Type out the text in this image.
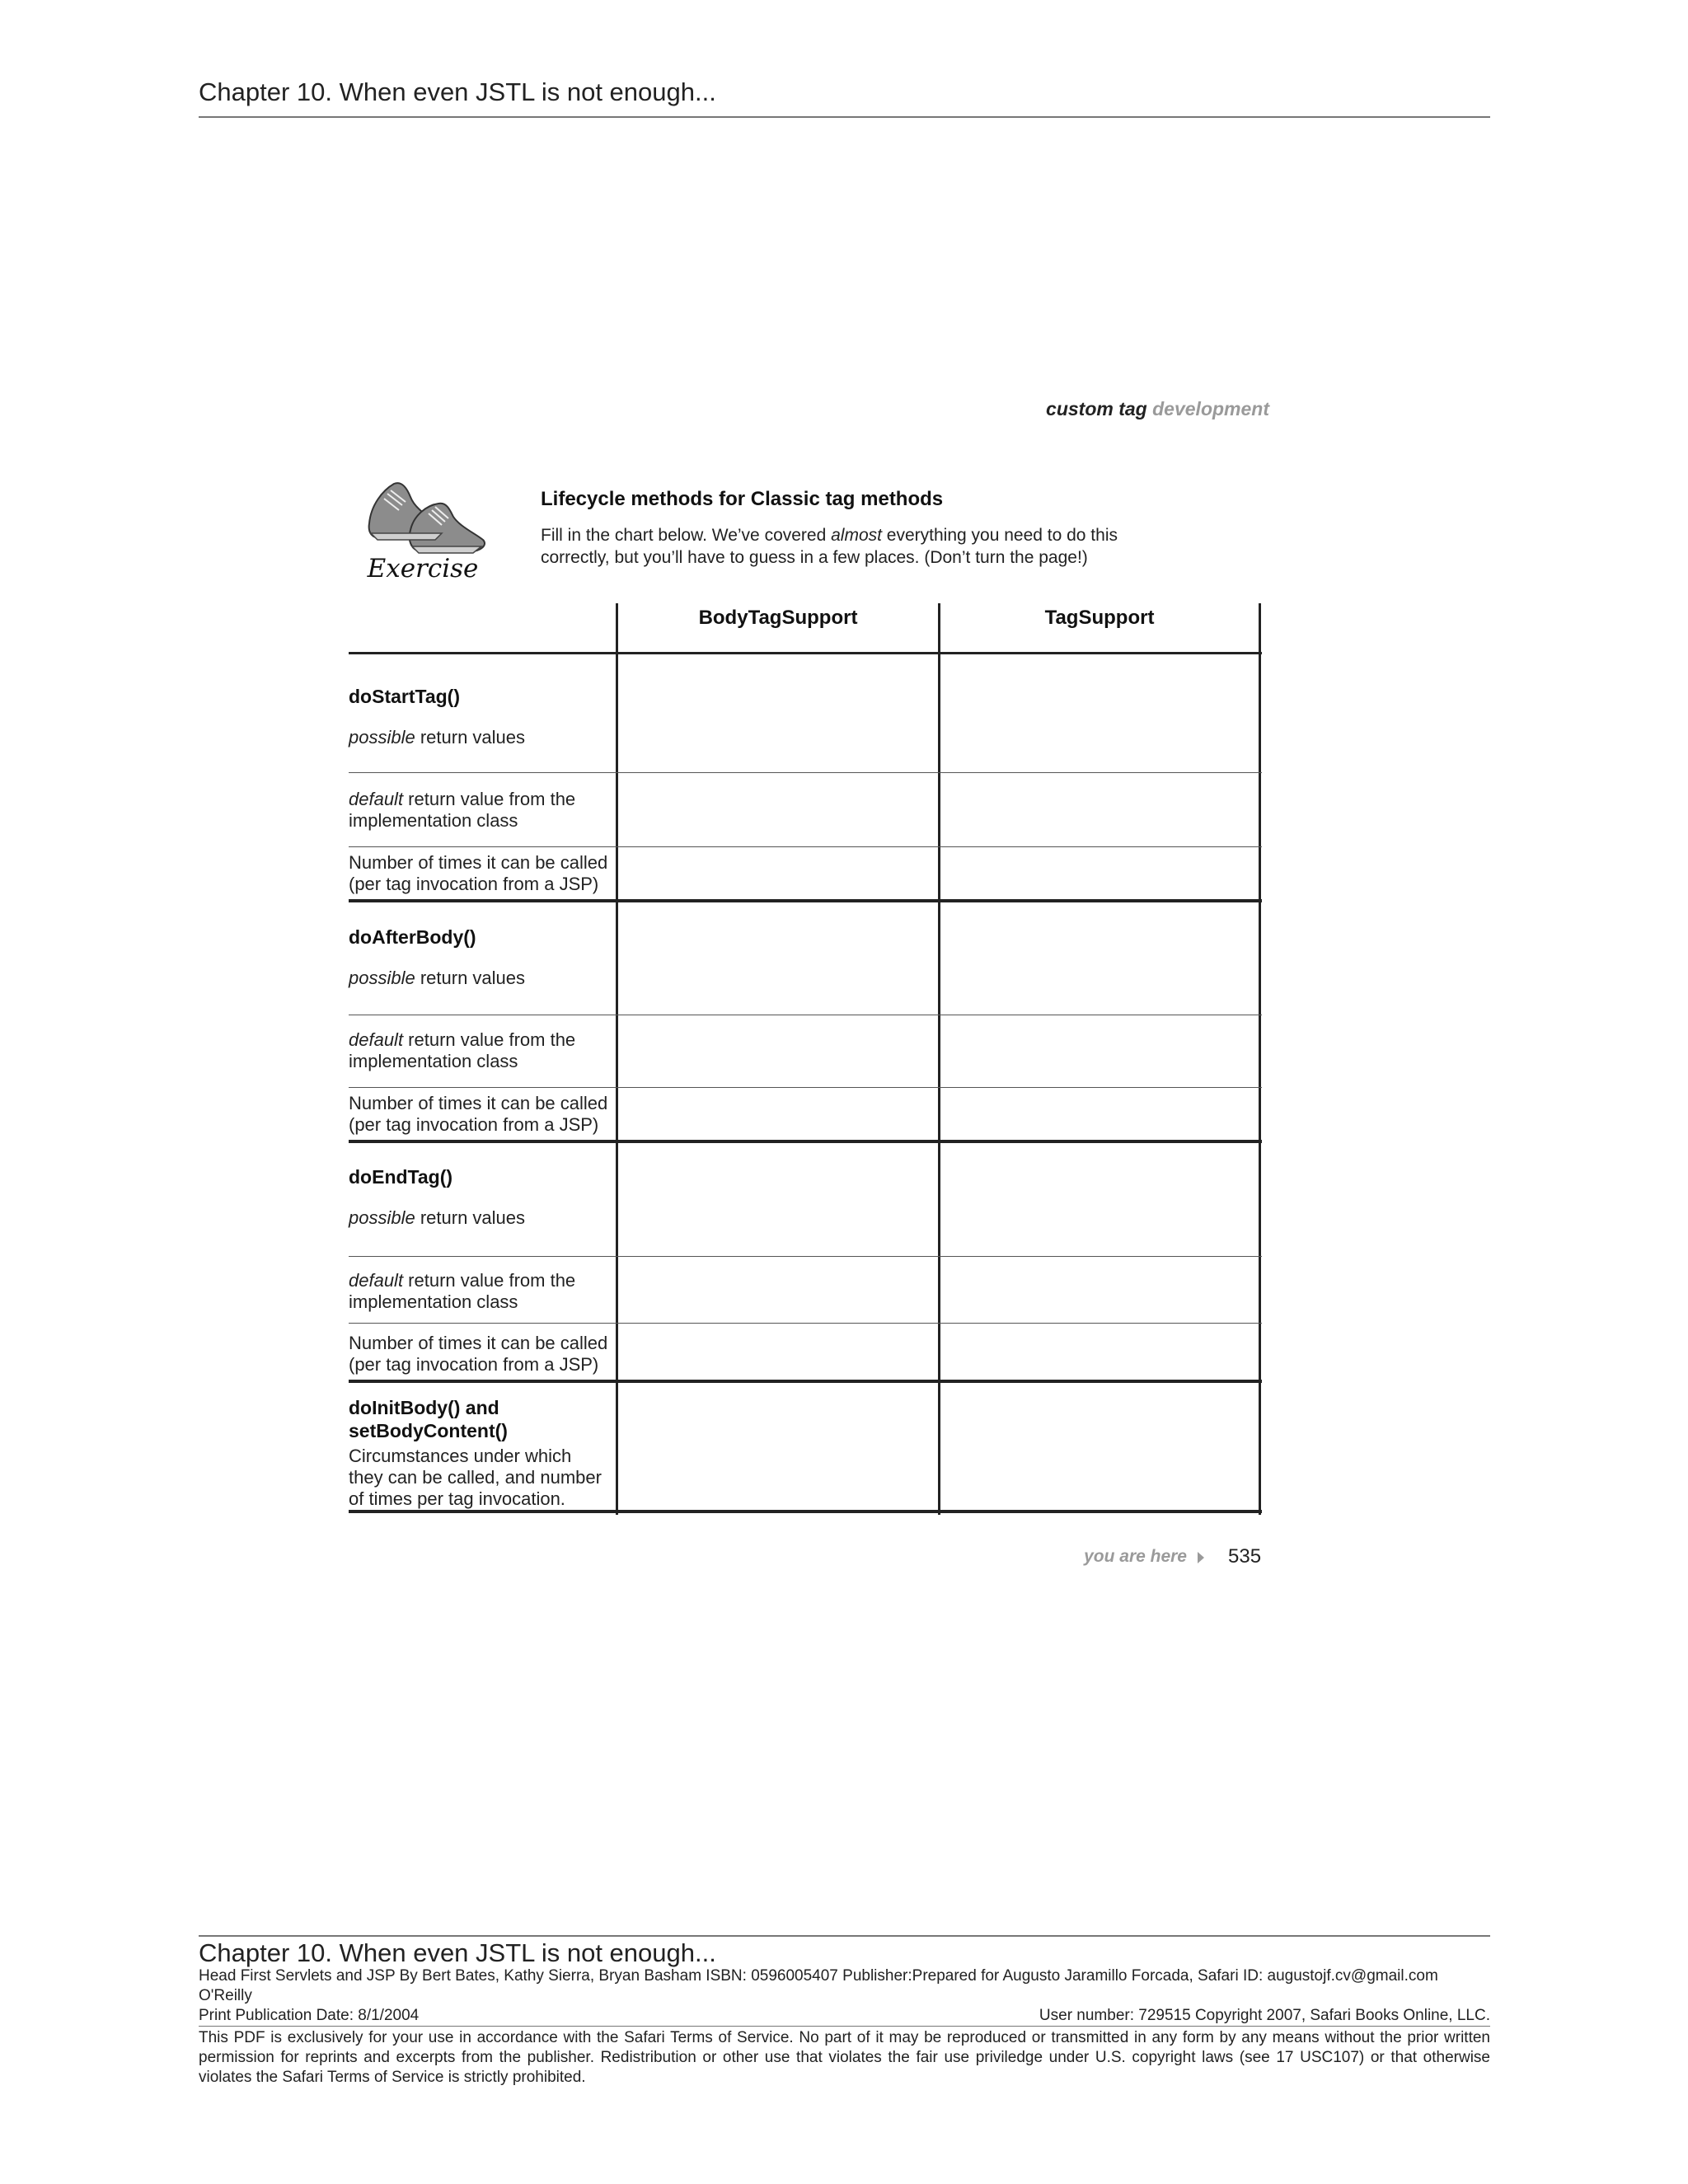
Chapter 10. When even JSTL is not enough...
custom tag development
Exercise
Lifecycle methods for Classic tag methods
Fill in the chart below. We’ve covered almost everything you need to do this correctly, but you’ll have to guess in a few places. (Don’t turn the page!)
BodyTagSupport	TagSupport
doStartTag()
possible return values
default return value from the implementation class
Number of times it can be called (per tag invocation from a JSP)
doAfterBody()
possible return values
default return value from the implementation class
Number of times it can be called (per tag invocation from a JSP)
doEndTag()
possible return values
default return value from the implementation class
Number of times it can be called (per tag invocation from a JSP)
doInitBody() and setBodyContent()
Circumstances under which they can be called, and number of times per tag invocation.
you are here 535
Chapter 10. When even JSTL is not enough...
Head First Servlets and JSP By Bert Bates, Kathy Sierra, Bryan Basham ISBN: 0596005407 Publisher:Prepared for Augusto Jaramillo Forcada, Safari ID: augustojf.cv@gmail.com
O'Reilly
Print Publication Date: 8/1/2004	User number: 729515 Copyright 2007, Safari Books Online, LLC.
This PDF is exclusively for your use in accordance with the Safari Terms of Service. No part of it may be reproduced or transmitted in any form by any means without the prior written permission for reprints and excerpts from the publisher. Redistribution or other use that violates the fair use priviledge under U.S. copyright laws (see 17 USC107) or that otherwise violates the Safari Terms of Service is strictly prohibited.
